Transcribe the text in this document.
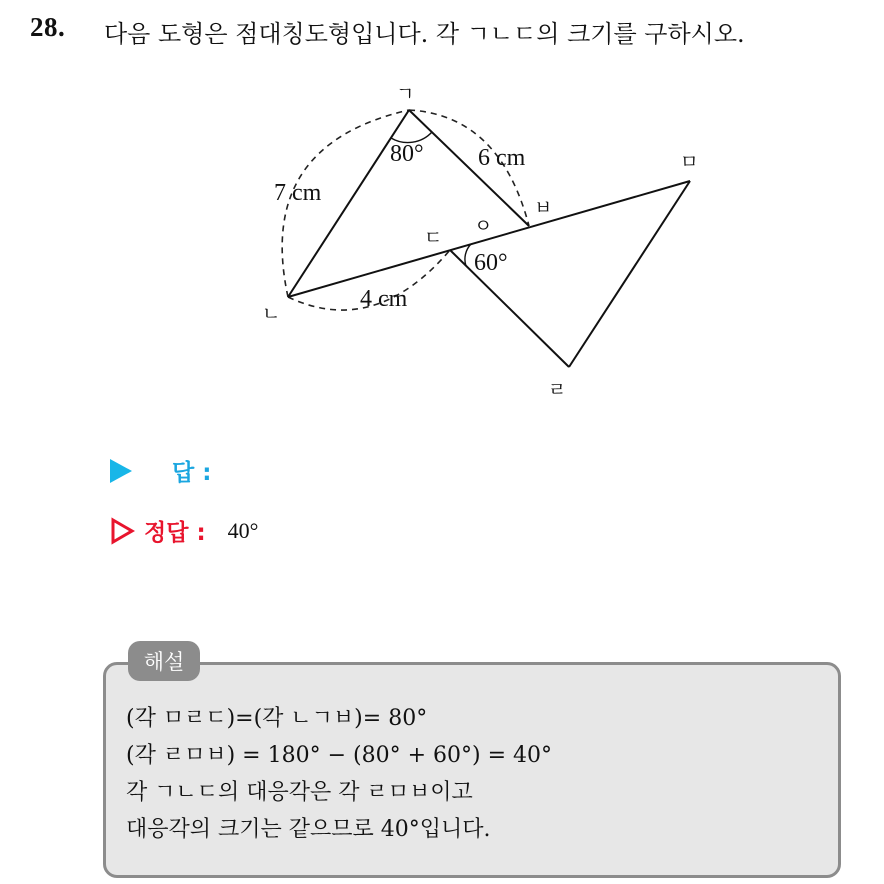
28. 다음 도형은 점대칭도형입니다. 각 ㄱㄴㄷ의 크기를 구하시오.
ㄱ
ㄴ
ㄷ
ㅇ
ㅂ
ㅁ
ㄹ
80°
60°
7 cm
6 cm
4 cm
답 :
정답 : 40°
해설
(각 ㅁㄹㄷ)=(각 ㄴㄱㅂ)= 80°
(각 ㄹㅁㅂ) = 180° − (80° + 60°) = 40°
각 ㄱㄴㄷ의 대응각은 각 ㄹㅁㅂ이고
대응각의 크기는 같으므로 40°입니다.
